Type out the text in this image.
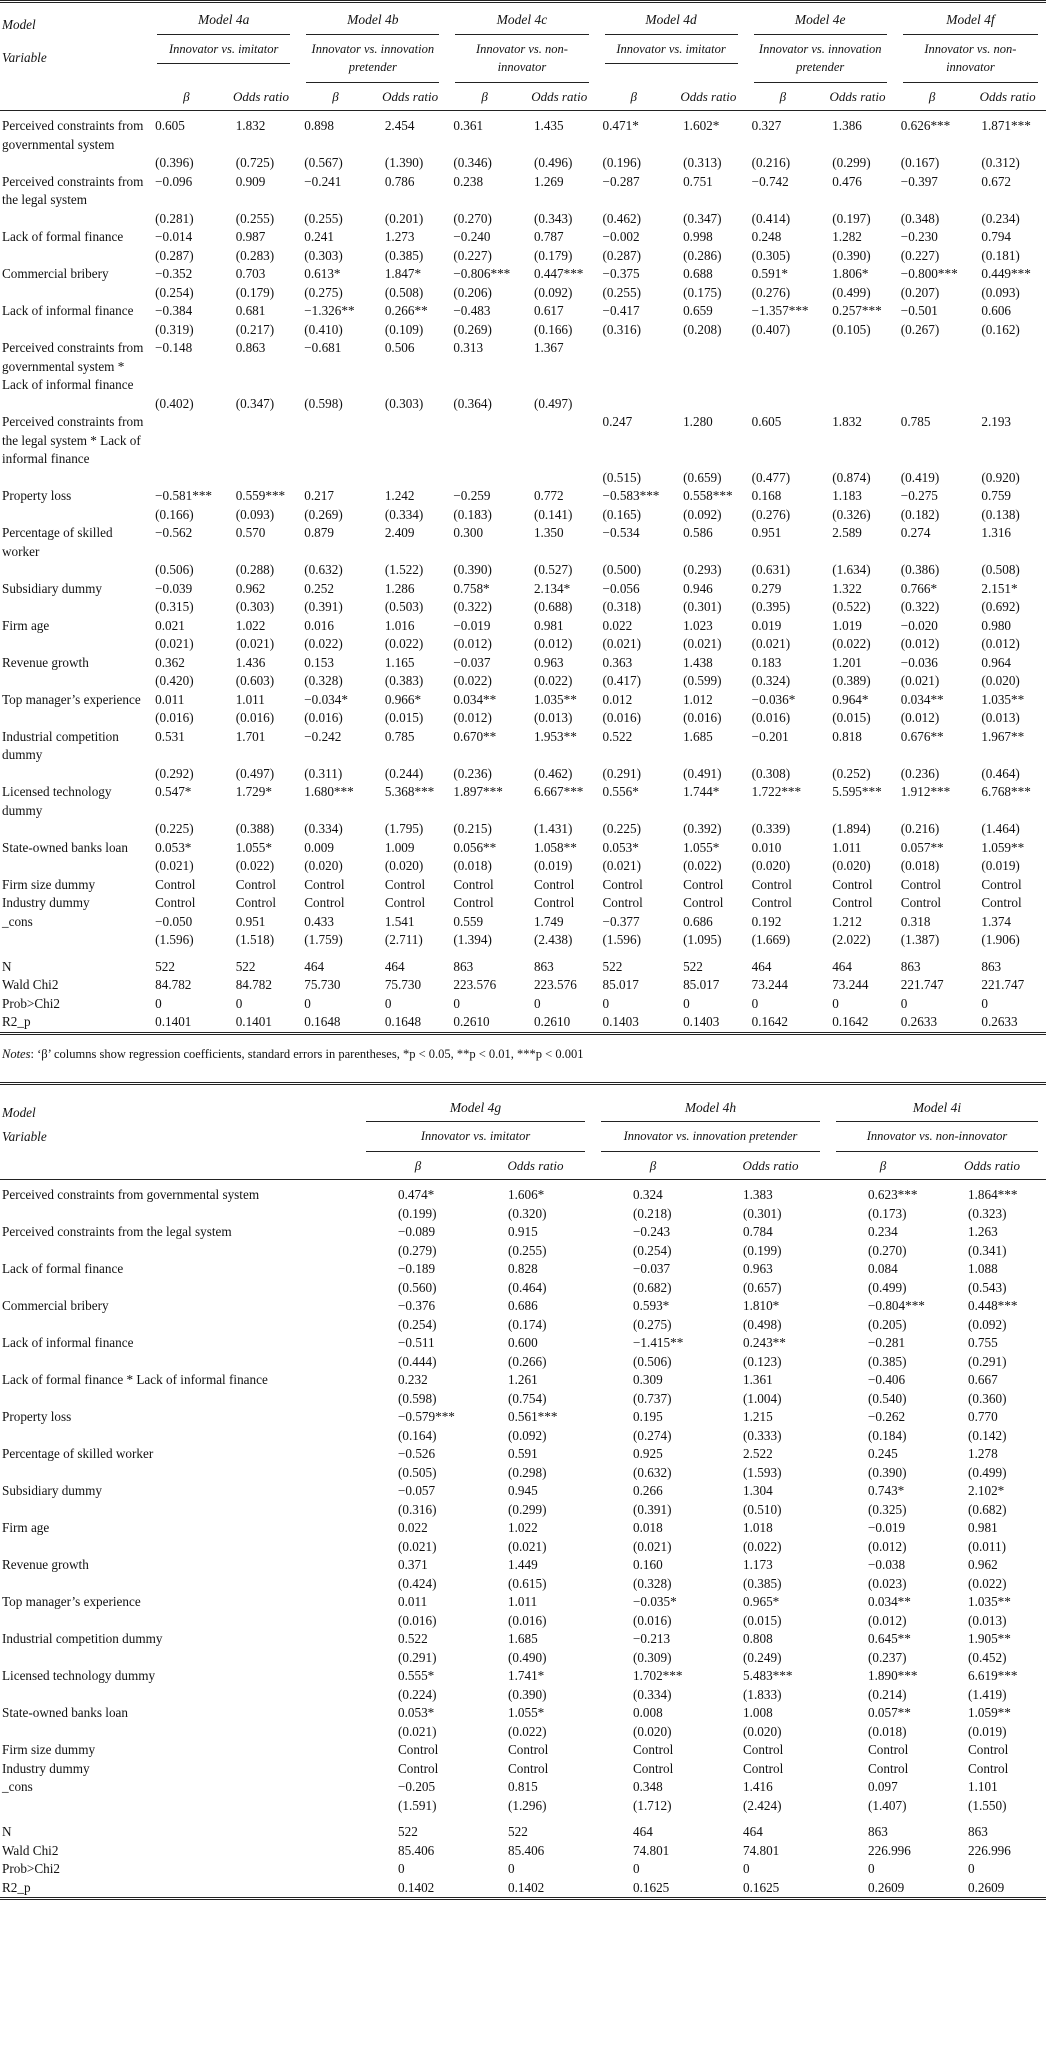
Model	Model 4a		Model 4b		Model 4c		Model 4d		Model 4e		Model 4f	

Variable	Innovator vs. imitator		Innovator vs. innovation pretender		Innovator vs. non-innovator		Innovator vs. imitator		Innovator vs. innovation pretender		Innovator vs. non-innovator	

	β	Odds ratio	β	Odds ratio	β	Odds ratio	β	Odds ratio	β	Odds ratio	β	Odds ratio
Perceived constraints from governmental system	0.605	1.832	0.898	2.454	0.361	1.435	0.471*	1.602*	0.327	1.386	0.626***	1.871***
	(0.396)	(0.725)	(0.567)	(1.390)	(0.346)	(0.496)	(0.196)	(0.313)	(0.216)	(0.299)	(0.167)	(0.312)
Perceived constraints from the legal system	−0.096	0.909	−0.241	0.786	0.238	1.269	−0.287	0.751	−0.742	0.476	−0.397	0.672
	(0.281)	(0.255)	(0.255)	(0.201)	(0.270)	(0.343)	(0.462)	(0.347)	(0.414)	(0.197)	(0.348)	(0.234)
Lack of formal finance	−0.014	0.987	0.241	1.273	−0.240	0.787	−0.002	0.998	0.248	1.282	−0.230	0.794
	(0.287)	(0.283)	(0.303)	(0.385)	(0.227)	(0.179)	(0.287)	(0.286)	(0.305)	(0.390)	(0.227)	(0.181)
Commercial bribery	−0.352	0.703	0.613*	1.847*	−0.806***	0.447***	−0.375	0.688	0.591*	1.806*	−0.800***	0.449***
	(0.254)	(0.179)	(0.275)	(0.508)	(0.206)	(0.092)	(0.255)	(0.175)	(0.276)	(0.499)	(0.207)	(0.093)
Lack of informal finance	−0.384	0.681	−1.326**	0.266**	−0.483	0.617	−0.417	0.659	−1.357***	0.257***	−0.501	0.606
	(0.319)	(0.217)	(0.410)	(0.109)	(0.269)	(0.166)	(0.316)	(0.208)	(0.407)	(0.105)	(0.267)	(0.162)
Perceived constraints from governmental system * Lack of informal finance	−0.148	0.863	−0.681	0.506	0.313	1.367						
	(0.402)	(0.347)	(0.598)	(0.303)	(0.364)	(0.497)						
Perceived constraints from the legal system * Lack of informal finance							0.247	1.280	0.605	1.832	0.785	2.193
							(0.515)	(0.659)	(0.477)	(0.874)	(0.419)	(0.920)
Property loss	−0.581***	0.559***	0.217	1.242	−0.259	0.772	−0.583***	0.558***	0.168	1.183	−0.275	0.759
	(0.166)	(0.093)	(0.269)	(0.334)	(0.183)	(0.141)	(0.165)	(0.092)	(0.276)	(0.326)	(0.182)	(0.138)
Percentage of skilled worker	−0.562	0.570	0.879	2.409	0.300	1.350	−0.534	0.586	0.951	2.589	0.274	1.316
	(0.506)	(0.288)	(0.632)	(1.522)	(0.390)	(0.527)	(0.500)	(0.293)	(0.631)	(1.634)	(0.386)	(0.508)
Subsidiary dummy	−0.039	0.962	0.252	1.286	0.758*	2.134*	−0.056	0.946	0.279	1.322	0.766*	2.151*
	(0.315)	(0.303)	(0.391)	(0.503)	(0.322)	(0.688)	(0.318)	(0.301)	(0.395)	(0.522)	(0.322)	(0.692)
Firm age	0.021	1.022	0.016	1.016	−0.019	0.981	0.022	1.023	0.019	1.019	−0.020	0.980
	(0.021)	(0.021)	(0.022)	(0.022)	(0.012)	(0.012)	(0.021)	(0.021)	(0.021)	(0.022)	(0.012)	(0.012)
Revenue growth	0.362	1.436	0.153	1.165	−0.037	0.963	0.363	1.438	0.183	1.201	−0.036	0.964
	(0.420)	(0.603)	(0.328)	(0.383)	(0.022)	(0.022)	(0.417)	(0.599)	(0.324)	(0.389)	(0.021)	(0.020)
Top manager’s experience	0.011	1.011	−0.034*	0.966*	0.034**	1.035**	0.012	1.012	−0.036*	0.964*	0.034**	1.035**
	(0.016)	(0.016)	(0.016)	(0.015)	(0.012)	(0.013)	(0.016)	(0.016)	(0.016)	(0.015)	(0.012)	(0.013)
Industrial competition dummy	0.531	1.701	−0.242	0.785	0.670**	1.953**	0.522	1.685	−0.201	0.818	0.676**	1.967**
	(0.292)	(0.497)	(0.311)	(0.244)	(0.236)	(0.462)	(0.291)	(0.491)	(0.308)	(0.252)	(0.236)	(0.464)
Licensed technology dummy	0.547*	1.729*	1.680***	5.368***	1.897***	6.667***	0.556*	1.744*	1.722***	5.595***	1.912***	6.768***
	(0.225)	(0.388)	(0.334)	(1.795)	(0.215)	(1.431)	(0.225)	(0.392)	(0.339)	(1.894)	(0.216)	(1.464)
State-owned banks loan	0.053*	1.055*	0.009	1.009	0.056**	1.058**	0.053*	1.055*	0.010	1.011	0.057**	1.059**
	(0.021)	(0.022)	(0.020)	(0.020)	(0.018)	(0.019)	(0.021)	(0.022)	(0.020)	(0.020)	(0.018)	(0.019)
Firm size dummy	Control	Control	Control	Control	Control	Control	Control	Control	Control	Control	Control	Control
Industry dummy	Control	Control	Control	Control	Control	Control	Control	Control	Control	Control	Control	Control
_cons	−0.050	0.951	0.433	1.541	0.559	1.749	−0.377	0.686	0.192	1.212	0.318	1.374
	(1.596)	(1.518)	(1.759)	(2.711)	(1.394)	(2.438)	(1.596)	(1.095)	(1.669)	(2.022)	(1.387)	(1.906)
N	522	522	464	464	863	863	522	522	464	464	863	863
Wald Chi2	84.782	84.782	75.730	75.730	223.576	223.576	85.017	85.017	73.244	73.244	221.747	221.747
Prob>Chi2	0	0	0	0	0	0	0	0	0	0	0	0
R2_p	0.1401	0.1401	0.1648	0.1648	0.2610	0.2610	0.1403	0.1403	0.1642	0.1642	0.2633	0.2633
Notes: ‘β’ columns show regression coefficients, standard errors in parentheses, *p < 0.05, **p < 0.01, ***p < 0.001
Model	Model 4g		Model 4h		Model 4i	

Variable	Innovator vs. imitator		Innovator vs. innovation pretender		Innovator vs. non-innovator	

	β	Odds ratio	β	Odds ratio	β	Odds ratio
Perceived constraints from governmental system	0.474*	1.606*	0.324	1.383	0.623***	1.864***
	(0.199)	(0.320)	(0.218)	(0.301)	(0.173)	(0.323)
Perceived constraints from the legal system	−0.089	0.915	−0.243	0.784	0.234	1.263
	(0.279)	(0.255)	(0.254)	(0.199)	(0.270)	(0.341)
Lack of formal finance	−0.189	0.828	−0.037	0.963	0.084	1.088
	(0.560)	(0.464)	(0.682)	(0.657)	(0.499)	(0.543)
Commercial bribery	−0.376	0.686	0.593*	1.810*	−0.804***	0.448***
	(0.254)	(0.174)	(0.275)	(0.498)	(0.205)	(0.092)
Lack of informal finance	−0.511	0.600	−1.415**	0.243**	−0.281	0.755
	(0.444)	(0.266)	(0.506)	(0.123)	(0.385)	(0.291)
Lack of formal finance * Lack of informal finance	0.232	1.261	0.309	1.361	−0.406	0.667
	(0.598)	(0.754)	(0.737)	(1.004)	(0.540)	(0.360)
Property loss	−0.579***	0.561***	0.195	1.215	−0.262	0.770
	(0.164)	(0.092)	(0.274)	(0.333)	(0.184)	(0.142)
Percentage of skilled worker	−0.526	0.591	0.925	2.522	0.245	1.278
	(0.505)	(0.298)	(0.632)	(1.593)	(0.390)	(0.499)
Subsidiary dummy	−0.057	0.945	0.266	1.304	0.743*	2.102*
	(0.316)	(0.299)	(0.391)	(0.510)	(0.325)	(0.682)
Firm age	0.022	1.022	0.018	1.018	−0.019	0.981
	(0.021)	(0.021)	(0.021)	(0.022)	(0.012)	(0.011)
Revenue growth	0.371	1.449	0.160	1.173	−0.038	0.962
	(0.424)	(0.615)	(0.328)	(0.385)	(0.023)	(0.022)
Top manager’s experience	0.011	1.011	−0.035*	0.965*	0.034**	1.035**
	(0.016)	(0.016)	(0.016)	(0.015)	(0.012)	(0.013)
Industrial competition dummy	0.522	1.685	−0.213	0.808	0.645**	1.905**
	(0.291)	(0.490)	(0.309)	(0.249)	(0.237)	(0.452)
Licensed technology dummy	0.555*	1.741*	1.702***	5.483***	1.890***	6.619***
	(0.224)	(0.390)	(0.334)	(1.833)	(0.214)	(1.419)
State-owned banks loan	0.053*	1.055*	0.008	1.008	0.057**	1.059**
	(0.021)	(0.022)	(0.020)	(0.020)	(0.018)	(0.019)
Firm size dummy	Control	Control	Control	Control	Control	Control
Industry dummy	Control	Control	Control	Control	Control	Control
_cons	−0.205	0.815	0.348	1.416	0.097	1.101
	(1.591)	(1.296)	(1.712)	(2.424)	(1.407)	(1.550)
N	522	522	464	464	863	863
Wald Chi2	85.406	85.406	74.801	74.801	226.996	226.996
Prob>Chi2	0	0	0	0	0	0
R2_p	0.1402	0.1402	0.1625	0.1625	0.2609	0.2609
